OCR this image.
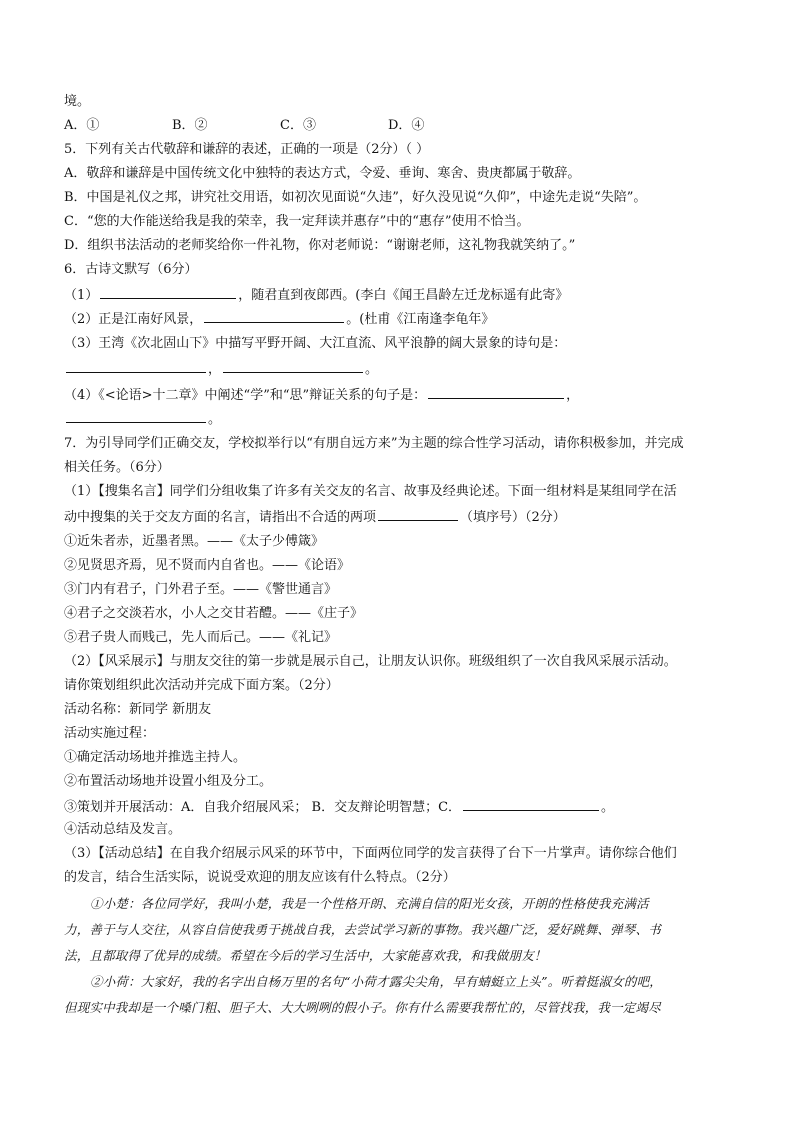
境。
A．①	B．②	C．③	D．④
5．下列有关古代敬辞和谦辞的表述，正确的一项是（2分）（ ）
A．敬辞和谦辞是中国传统文化中独特的表达方式，令爱、垂询、寒舍、贵庚都属于敬辞。
B．中国是礼仪之邦，讲究社交用语，如初次见面说“久违”，好久没见说“久仰”，中途先走说“失陪”。
C．“您的大作能送给我是我的荣幸，我一定拜读并惠存”中的“惠存”使用不恰当。
D．组织书法活动的老师奖给你一件礼物，你对老师说：“谢谢老师，这礼物我就笑纳了。”
6．古诗文默写（6分）
（1）	，随君直到夜郎西。(李白《闻王昌龄左迁龙标遥有此寄》
（2）正是江南好风景，	。(杜甫《江南逢李龟年》
（3）王湾《次北固山下》中描写平野开阔、大江直流、风平浪静的阔大景象的诗句是：
，	。
（4）《<论语>十二章》中阐述“学”和“思”辩证关系的句子是：	，
。
7．为引导同学们正确交友，学校拟举行以“有朋自远方来”为主题的综合性学习活动，请你积极参加，并完成
相关任务。（6分）
（1）【搜集名言】同学们分组收集了许多有关交友的名言、故事及经典论述。下面一组材料是某组同学在活
动中搜集的关于交友方面的名言，请指出不合适的两项	（填序号）（2分）
①近朱者赤，近墨者黑。——《太子少傅箴》
②见贤思齐焉，见不贤而内自省也。——《论语》
③门内有君子，门外君子至。——《警世通言》
④君子之交淡若水，小人之交甘若醴。——《庄子》
⑤君子贵人而贱己，先人而后己。——《礼记》
（2）【风采展示】与朋友交往的第一步就是展示自己，让朋友认识你。班级组织了一次自我风采展示活动。
请你策划组织此次活动并完成下面方案。（2分）
活动名称：新同学 新朋友
活动实施过程：
①确定活动场地并推选主持人。
②布置活动场地并设置小组及分工。
③策划并开展活动：A．自我介绍展风采； B．交友辩论明智慧；C．	。
④活动总结及发言。
（3）【活动总结】在自我介绍展示风采的环节中，下面两位同学的发言获得了台下一片掌声。请你综合他们
的发言，结合生活实际，说说受欢迎的朋友应该有什么特点。（2分）
①小楚：各位同学好，我叫小楚，我是一个性格开朗、充满自信的阳光女孩，开朗的性格使我充满活
力，善于与人交往，从容自信使我勇于挑战自我，去尝试学习新的事物。我兴趣广泛，爱好跳舞、弹琴、书
法，且都取得了优异的成绩。希望在今后的学习生活中，大家能喜欢我，和我做朋友！
②小荷：大家好，我的名字出自杨万里的名句“小荷才露尖尖角，早有蜻蜓立上头”。听着挺淑女的吧，
但现实中我却是一个嗓门粗、胆子大、大大咧咧的假小子。你有什么需要我帮忙的，尽管找我，我一定竭尽
